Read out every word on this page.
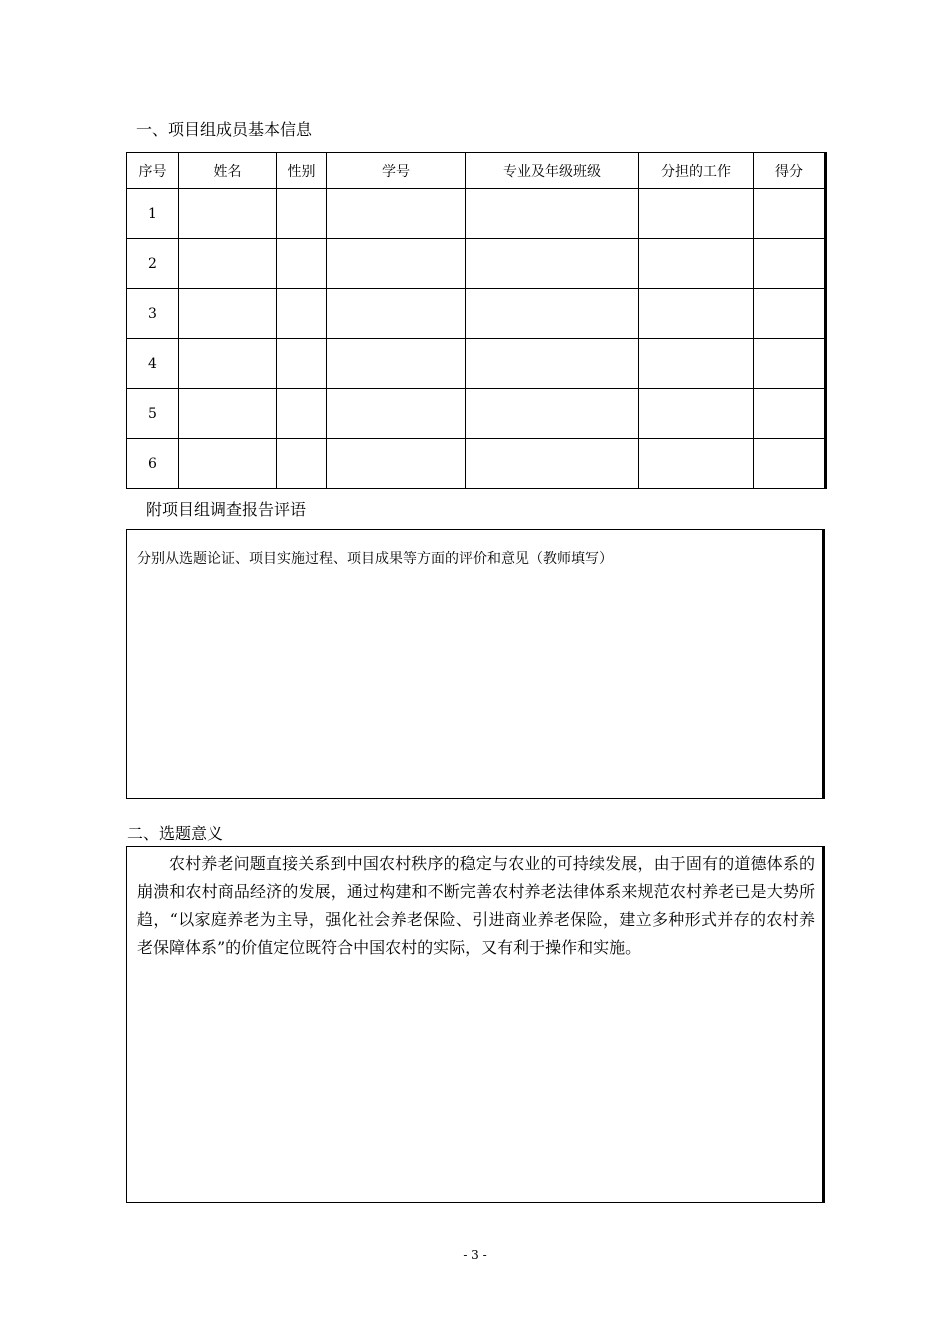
一、项目组成员基本信息
序号	姓名	性别	学号	专业及年级班级	分担的工作	得分
1						
2						
3						
4						
5						
6						
附项目组调查报告评语
分别从选题论证、项目实施过程、项目成果等方面的评价和意见（教师填写）
二、选题意义
农村养老问题直接关系到中国农村秩序的稳定与农业的可持续发展，由于固有的道德体系的崩溃和农村商品经济的发展，通过构建和不断完善农村养老法律体系来规范农村养老已是大势所趋，“以家庭养老为主导，强化社会养老保险、引进商业养老保险，建立多种形式并存的农村养老保障体系”的价值定位既符合中国农村的实际，又有利于操作和实施。
- 3 -
